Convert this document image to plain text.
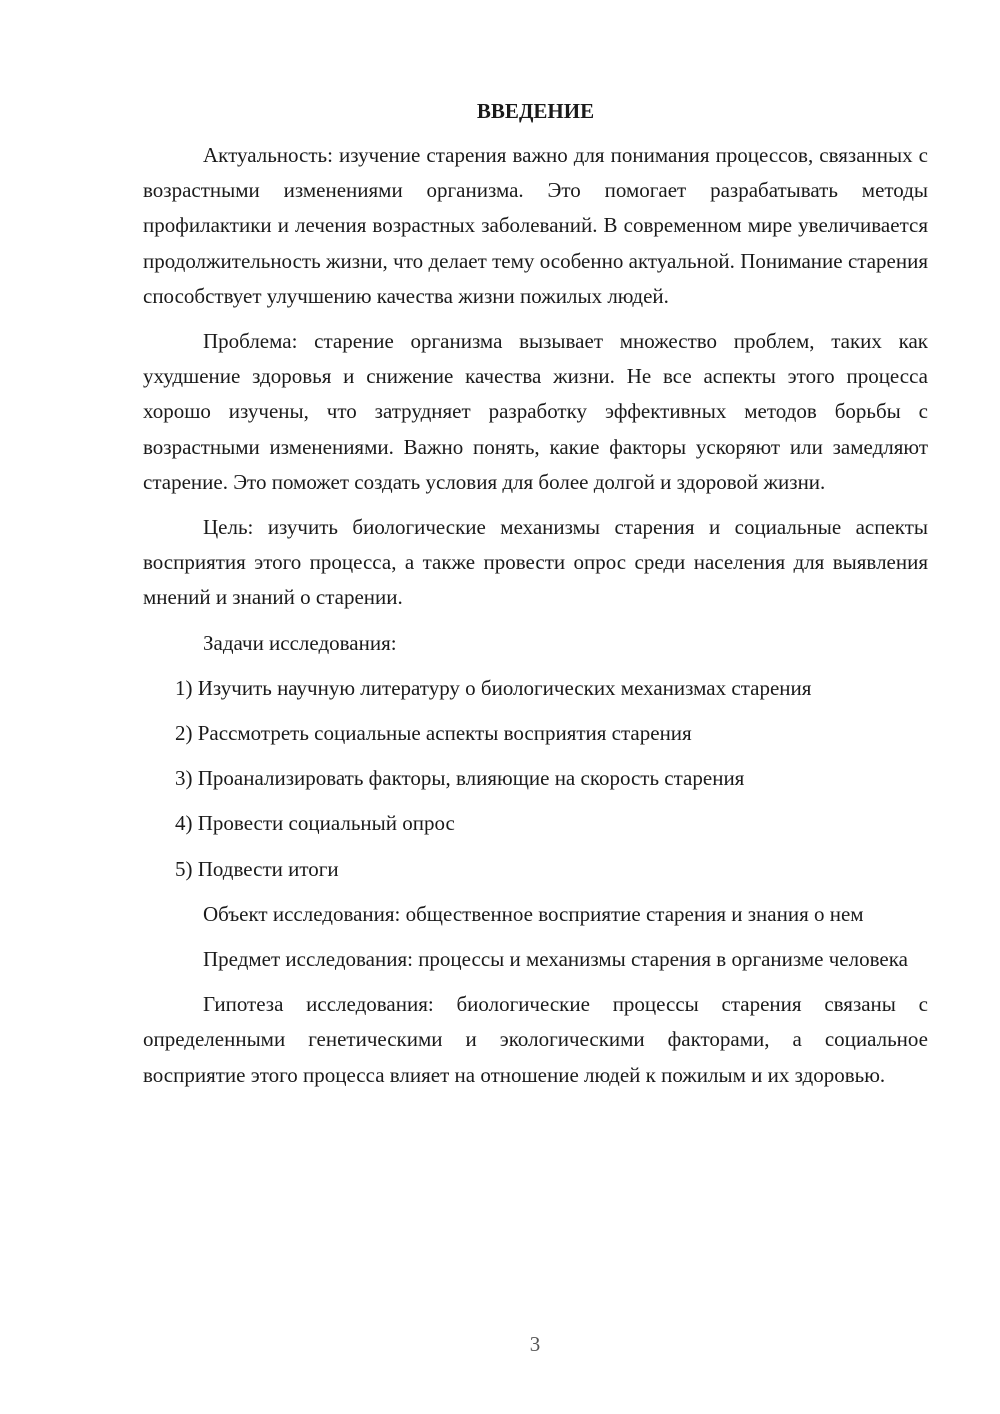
ВВЕДЕНИЕ

Актуальность: изучение старения важно для понимания процессов, связанных с возрастными изменениями организма. Это помогает разрабатывать методы профилактики и лечения возрастных заболеваний. В современном мире увеличивается продолжительность жизни, что делает тему особенно актуальной. Понимание старения способствует улучшению качества жизни пожилых людей.

Проблема: старение организма вызывает множество проблем, таких как ухудшение здоровья и снижение качества жизни. Не все аспекты этого процесса хорошо изучены, что затрудняет разработку эффективных методов борьбы с возрастными изменениями. Важно понять, какие факторы ускоряют или замедляют старение. Это поможет создать условия для более долгой и здоровой жизни.

Цель: изучить биологические механизмы старения и социальные аспекты восприятия этого процесса, а также провести опрос среди населения для выявления мнений и знаний о старении.

Задачи исследования:

1) Изучить научную литературу о биологических механизмах старения
2) Рассмотреть социальные аспекты восприятия старения
3) Проанализировать факторы, влияющие на скорость старения
4) Провести социальный опрос
5) Подвести итоги

Объект исследования: общественное восприятие старения и знания о нем

Предмет исследования: процессы и механизмы старения в организме человека

Гипотеза исследования: биологические процессы старения связаны с определенными генетическими и экологическими факторами, а социальное восприятие этого процесса влияет на отношение людей к пожилым и их здоровью.

3
